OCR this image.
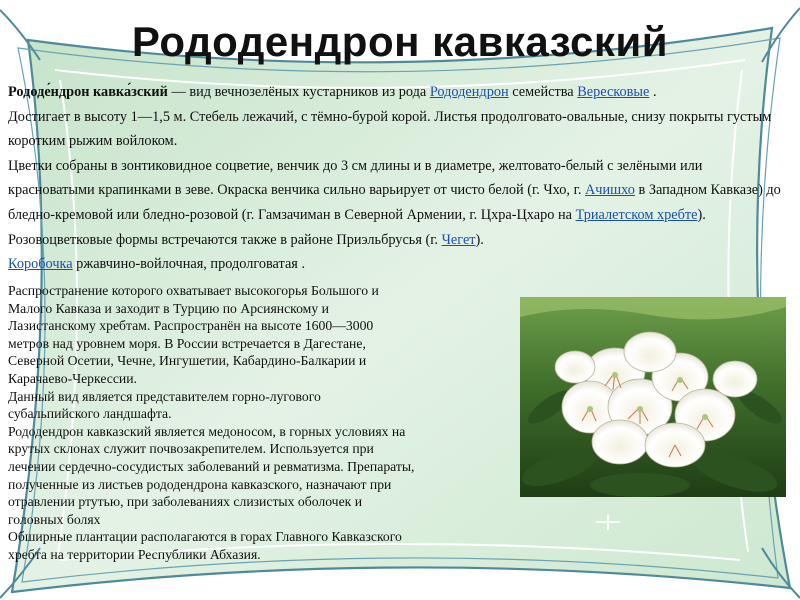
Рододендрон кавказский

Рододе́ндрон кавка́зский — вид вечнозелёных кустарников из рода Рододендрон семейства Вересковые .

Достигает в высоту 1—1,5 м. Стебель лежачий, с тёмно-бурой корой. Листья продолговато-овальные, снизу покрыты густым коротким рыжим войлоком.

Цветки собраны в зонтиковидное соцветие, венчик до 3 см длины и в диаметре, желтовато-белый с зелёными или красноватыми крапинками в зеве. Окраска венчика сильно варьирует от чисто белой (г. Чхо, г. Ачишхо в Западном Кавказе) до бледно-кремовой или бледно-розовой (г. Гамзачиман в Северной Армении, г. Цхра-Цхаро на Триалетском хребте). Розовоцветковые формы встречаются также в районе Приэльбрусья (г. Чегет).

Коробочка ржавчино-войлочная, продолговатая .

Распространение которого охватывает высокогорья Большого и

Малого Кавказа и заходит в Турцию по Арсиянскому и

Лазистанскому хребтам. Распространён на высоте 1600—3000

метров над уровнем моря. В России встречается в Дагестане,

Северной Осетии, Чечне, Ингушетии, Кабардино-Балкарии и

Карачаево-Черкессии.

Данный вид является представителем горно-лугового

субальпийского ландшафта.

Рододендрон кавказский является медоносом, в горных условиях на

крутых склонах служит почвозакрепителем. Используется при

лечении сердечно-сосудистых заболеваний и ревматизма. Препараты,

полученные из листьев рододендрона кавказского, назначают при

отравлении ртутью, при заболеваниях слизистых оболочек и

головных болях

Обширные плантации располагаются в горах Главного Кавказского

хребта на территории Республики Абхазия.
